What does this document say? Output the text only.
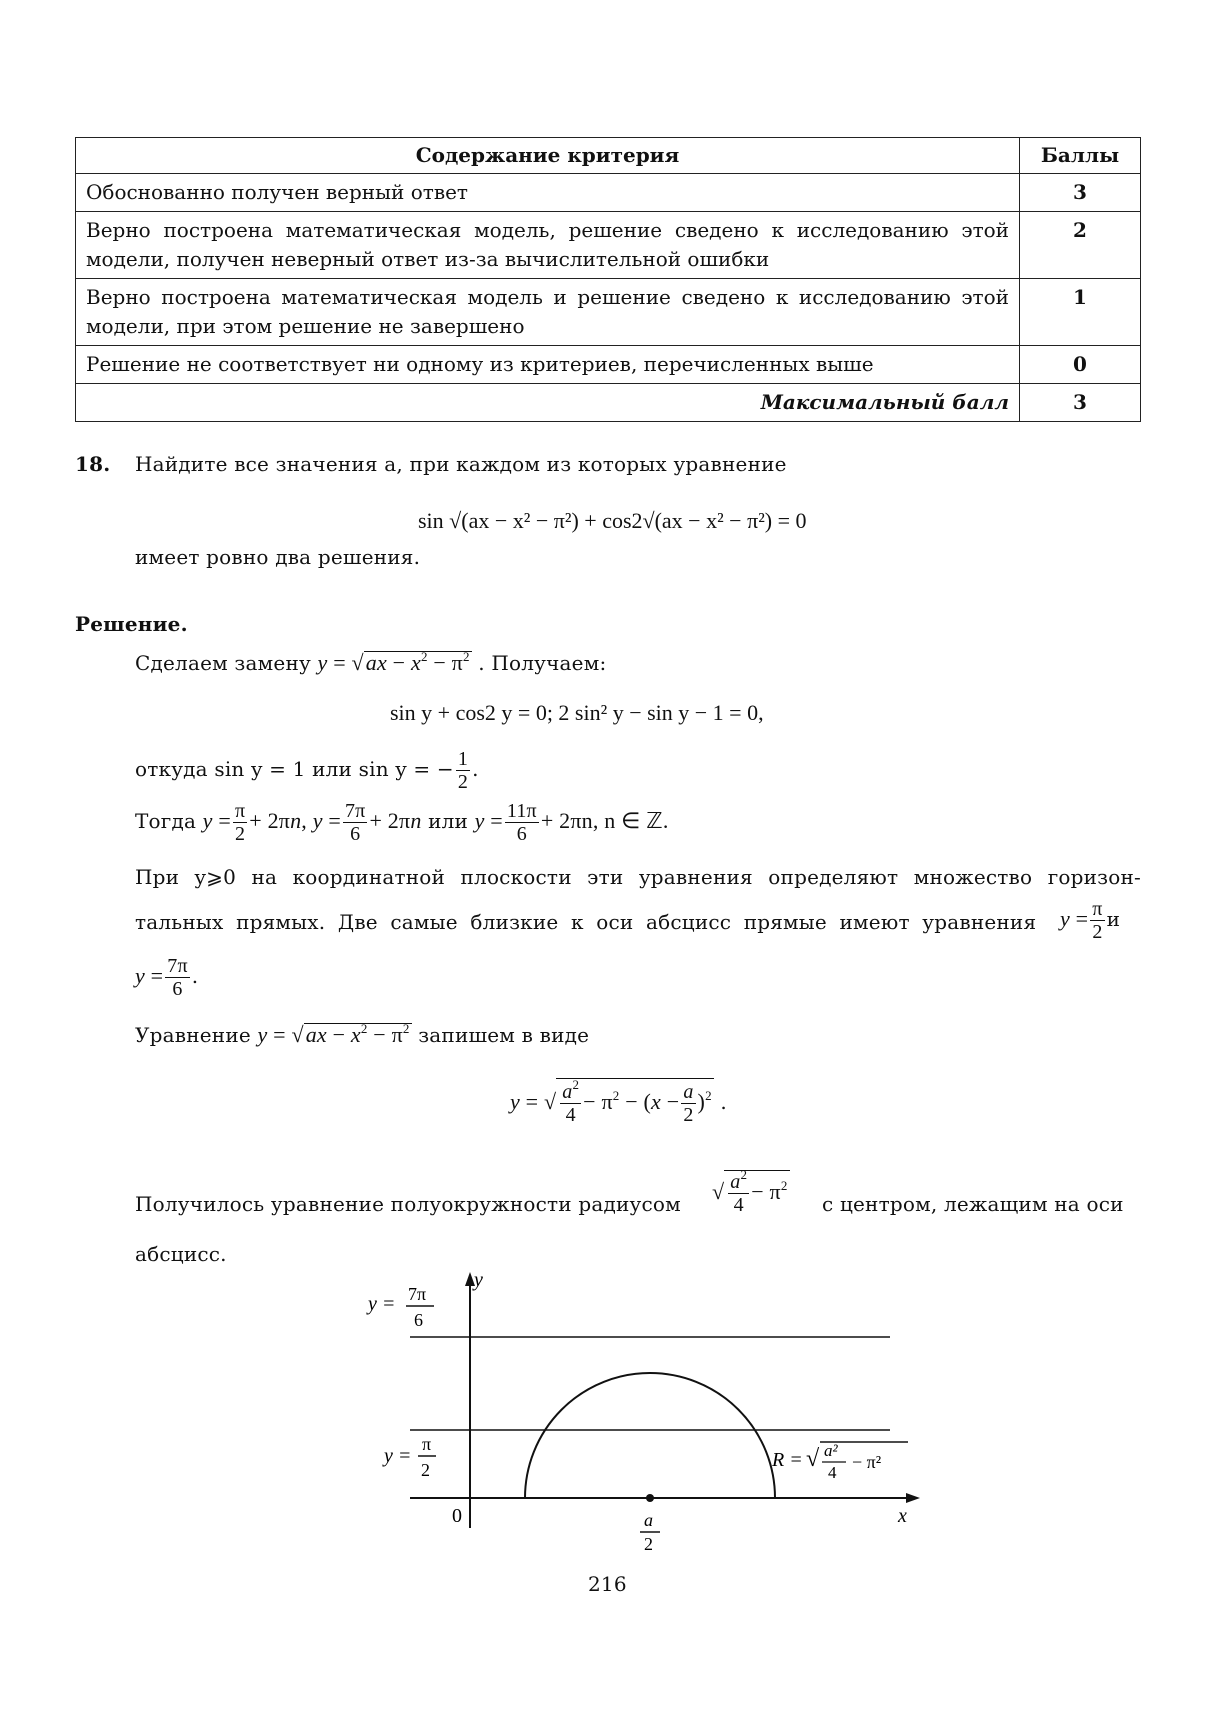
Содержание критерия	Баллы
Обоснованно получен верный ответ	3
Верно построена математическая модель, решение сведено к исследованию этой модели, получен неверный ответ из-за вычислительной ошибки	2
Верно построена математическая модель и решение сведено к исследованию этой модели, при этом решение не завершено	1
Решение не соответствует ни одному из критериев, перечисленных выше	0
Максимальный балл	3
18. Найдите все значения a, при каждом из которых уравнение
sin √(ax − x² − π²) + cos2√(ax − x² − π²) = 0
имеет ровно два решения.
Решение.
Сделаем замену $y = √ax - x^2 - \pi^2$ . Получаем:
sin y + cos2 y = 0; 2 sin² y − sin y − 1 = 0,
откуда sin y = 1 или sin y = − $\frac{1}{2}$ .
Тогда $y = \frac{\pi}{2} + 2\pi n$, $y = \frac{7\pi}{6} + 2\pi n$ или $y = \frac{11\pi}{6} + 2\pi n$, n ∈ ℤ.
При y⩾0 на координатной плоскости эти уравнения определяют множество горизон-
тальных прямых. Две самые близкие к оси абсцисс прямые имеют уравнения $y = \frac{\pi}{2}$ и
$y = \frac{7\pi}{6}$ .
Уравнение $y = √ax - x^2 - \pi^2$ запишем в виде
y = √ $\frac{a^2}{4} - \pi^2 - (x - \frac{a}{2} )^2$ .
Получилось уравнение полуокружности радиусом √ $\frac{a^2}{4} - \pi^2$
с центром, лежащим на оси
абсцисс.
y
x
0
y = 7π
6
y =
π
2
a
2
R = √ a²
4
− π²
216
